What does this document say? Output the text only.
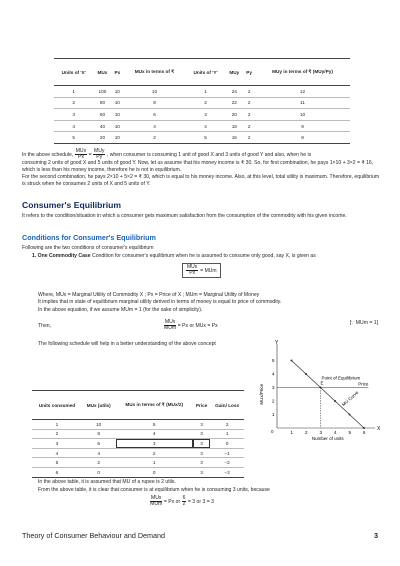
Units of 'X'	MUx	Px	MUx in terms of ₹	Units of 'Y'	MUy	Py	MUy in terms of ₹ (MUy/Py)
1	100	10	10	1	24	2	12
2	80	10	8	2	22	2	11
3	60	10	6	3	20	2	10
4	40	10	4	4	18	2	9
5	20	10	2	5	16	2	8
In the above schedule, $\frac{\text{MUx}}{Px} = \frac{\text{MUy}}{Py}$ , when consumer is consuming 1 unit of good X and 3 units of good Y and also, when he is
consuming 2 units of good X and 5 units of good Y. Now, let us assume that his money income is ₹ 30. So, for first combination, he pays 1×10 + 3×2 = ₹ 16, which is less than his money income, therefore he is not in equilibrium.
For the second combination, he pays 2×10 + 5×2 = ₹ 30, which is equal to his money income. Also, at this level, total utility is maximum. Therefore, equilibrium is struck when he consumes 2 units of X and 5 units of Y.
Consumer's Equilibrium
It refers to the condition/situation in which a consumer gets maximum satisfaction from the consumption of the commodity with his given income.
Conditions for Consumer's Equilibrium
Following are the two conditions of consumer's equilibrium
1. One Commodity Case Condition for consumer's equilibrium when he is assumed to consume only good, say X, is given as
$\frac{\text{MUx}}{Px}$ = MUm
Where, MUx = Marginal Utility of Commodity X ; Px = Price of X ; MUm = Marginal Utility of Money
It implies that in state of equilibrium marginal utility derived in terms of money is equal to price of commodity.
In the above equation, if we assume MUm = 1 (for the sake of simplicity).
Then,	$\frac{\text{MUx}}{\text{MUm}} = Px$ or MUx = Px	[∵ MUm = 1]
The following schedule will help in a better understanding of the above concept
Units consumed	MUx (utils)	MUx in terms of ₹ (MUx/2)	Price	Gain/ Loss
1	10	5	3	2
2	8	4	3	1
3	6	3	3	0
4	4	2	3	–1
5	2	1	3	–2
6	0	0	3	–3
X
Y
0	1	2	3	4	5	6
1
2
3
4
5
Number of units
MUx/Price
Point of Equilibrium
E	Price
MU Curve
In the above table, it is assumed that MU of a rupee is 2 utils.
From the above table, it is clear that consumer is at equilibrium when he is consuming 3 units, because
$\frac{\text{MUx}}{\text{MUm}} = Px$ or $\frac{6}{2} = 3$ or 3 = 3
Theory of Consumer Behaviour and Demand	3
